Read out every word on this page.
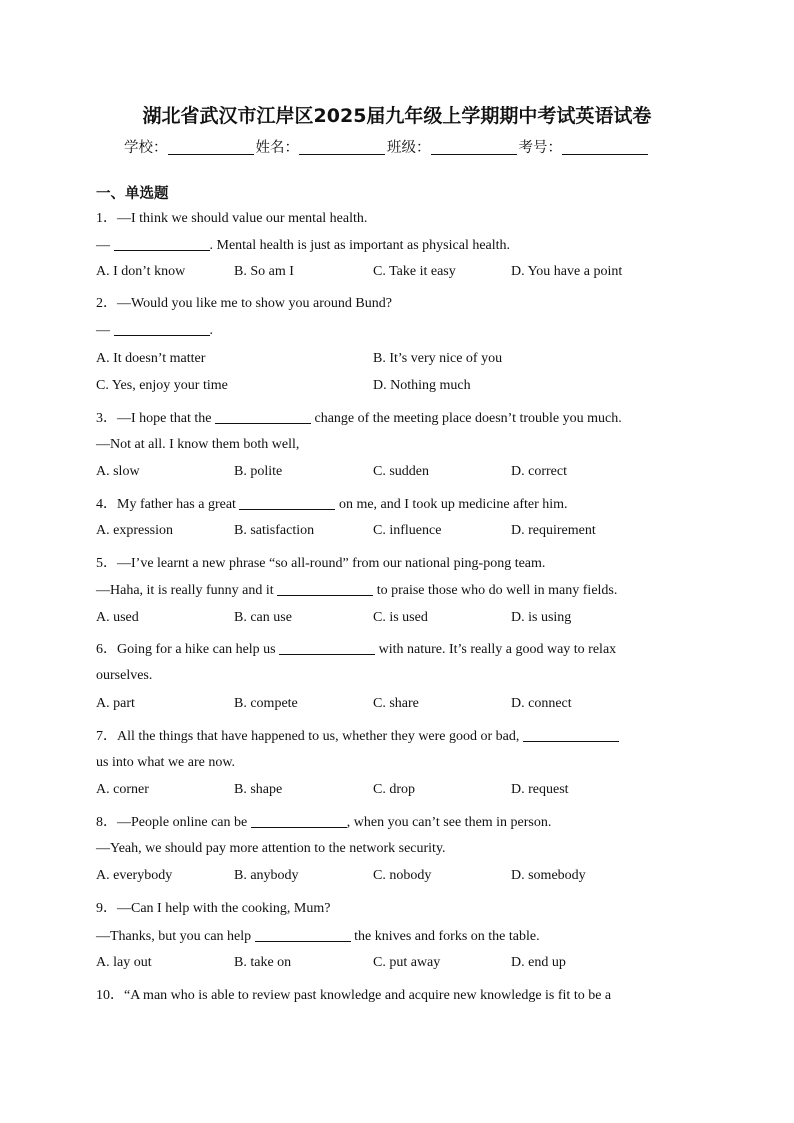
湖北省武汉市江岸区2025届九年级上学期期中考试英语试卷
学校：	姓名：	班级：	考号：
一、单选题
1．—I think we should value our mental health.
—	. Mental health is just as important as physical health.
A. I don’t know	B. So am I	C. Take it easy	D. You have a point
2．—Would you like me to show you around Bund?
—	.
A. It doesn’t matter	B. It’s very nice of you
C. Yes, enjoy your time	D. Nothing much
3．—I hope that the	change of the meeting place doesn’t trouble you much.
—Not at all. I know them both well,
A. slow	B. polite	C. sudden	D. correct
4．My father has a great	on me, and I took up medicine after him.
A. expression	B. satisfaction	C. influence	D. requirement
5．—I’ve learnt a new phrase “so all-round” from our national ping-pong team.
—Haha, it is really funny and it	to praise those who do well in many fields.
A. used	B. can use	C. is used	D. is using
6．Going for a hike can help us	with nature. It’s really a good way to relax
ourselves.
A. part	B. compete	C. share	D. connect
7．All the things that have happened to us, whether they were good or bad,
us into what we are now.
A. corner	B. shape	C. drop	D. request
8．—People online can be	, when you can’t see them in person.
—Yeah, we should pay more attention to the network security.
A. everybody	B. anybody	C. nobody	D. somebody
9．—Can I help with the cooking, Mum?
—Thanks, but you can help	the knives and forks on the table.
A. lay out	B. take on	C. put away	D. end up
10．“A man who is able to review past knowledge and acquire new knowledge is fit to be a
